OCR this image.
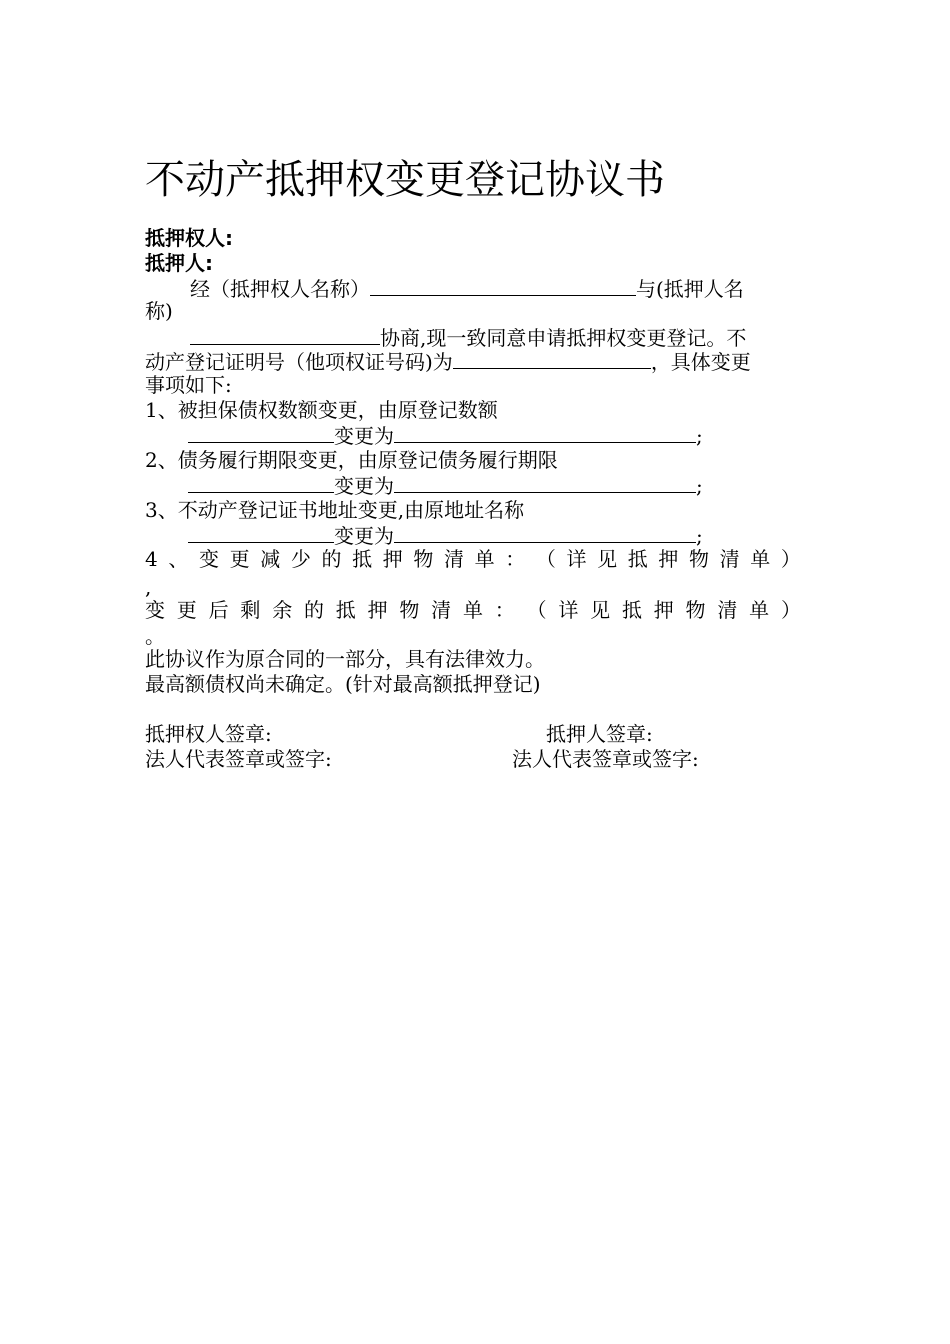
不动产抵押权变更登记协议书
抵押权人:
抵押人:
经（抵押权人名称）	与(抵押人名
称)
协商,现一致同意申请抵押权变更登记。不
动产登记证明号（他项权证号码)为	，具体变更
事项如下:
1、被担保债权数额变更，由原登记数额
变更为	;
2、债务履行期限变更，由原登记债务履行期限
变更为	;
3、不动产登记证书地址变更,由原地址名称
变更为	;
4 、 变 更 减 少 的 抵 押 物 清 单 ： （ 详 见 抵 押 物 清 单 ）
,
变 更 后 剩 余 的 抵 押 物 清 单 ： （ 详 见 抵 押 物 清 单 ）
。
此协议作为原合同的一部分，具有法律效力。
最高额债权尚未确定。(针对最高额抵押登记)
抵押权人签章:	抵押人签章:
法人代表签章或签字:	法人代表签章或签字:
